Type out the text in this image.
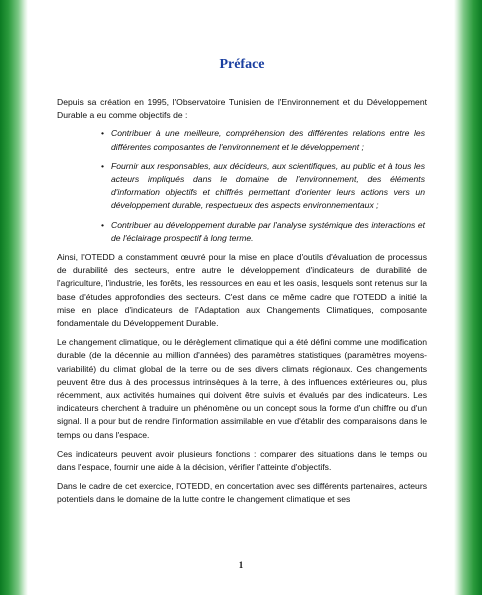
Préface

Depuis sa création en 1995, l'Observatoire Tunisien de l'Environnement et du Développement Durable a eu comme objectifs de :

• Contribuer à une meilleure, compréhension des différentes relations entre les différentes composantes de l'environnement et le développement ;
• Fournir aux responsables, aux décideurs, aux scientifiques, au public et à tous les acteurs impliqués dans le domaine de l'environnement, des éléments d'information objectifs et chiffrés permettant d'orienter leurs actions vers un développement durable, respectueux des aspects environnementaux ;
• Contribuer au développement durable par l'analyse systémique des interactions et de l'éclairage prospectif à long terme.

Ainsi, l'OTEDD a constamment œuvré pour la mise en place d'outils d'évaluation de processus de durabilité des secteurs, entre autre le développement d'indicateurs de durabilité de l'agriculture, l'industrie, les forêts, les ressources en eau et les oasis, lesquels sont retenus sur la base d'études approfondies des secteurs. C'est dans ce même cadre que l'OTEDD a initié la mise en place d'indicateurs de l'Adaptation aux Changements Climatiques, composante fondamentale du Développement Durable.

Le changement climatique, ou le dérèglement climatique qui a été défini comme une modification durable (de la décennie au million d'années) des paramètres statistiques (paramètres moyens-variabilité) du climat global de la terre ou de ses divers climats régionaux. Ces changements peuvent être dus à des processus intrinsèques à la terre, à des influences extérieures ou, plus récemment, aux activités humaines qui doivent être suivis et évalués par des indicateurs. Les indicateurs cherchent à traduire un phénomène ou un concept sous la forme d'un chiffre ou d'un signal. Il a pour but de rendre l'information assimilable en vue d'établir des comparaisons dans le temps ou dans l'espace.

Ces indicateurs peuvent avoir plusieurs fonctions : comparer des situations dans le temps ou dans l'espace, fournir une aide à la décision, vérifier l'atteinte d'objectifs.

Dans le cadre de cet exercice, l'OTEDD, en concertation avec ses différents partenaires, acteurs potentiels dans le domaine de la lutte contre le changement climatique et ses

1
